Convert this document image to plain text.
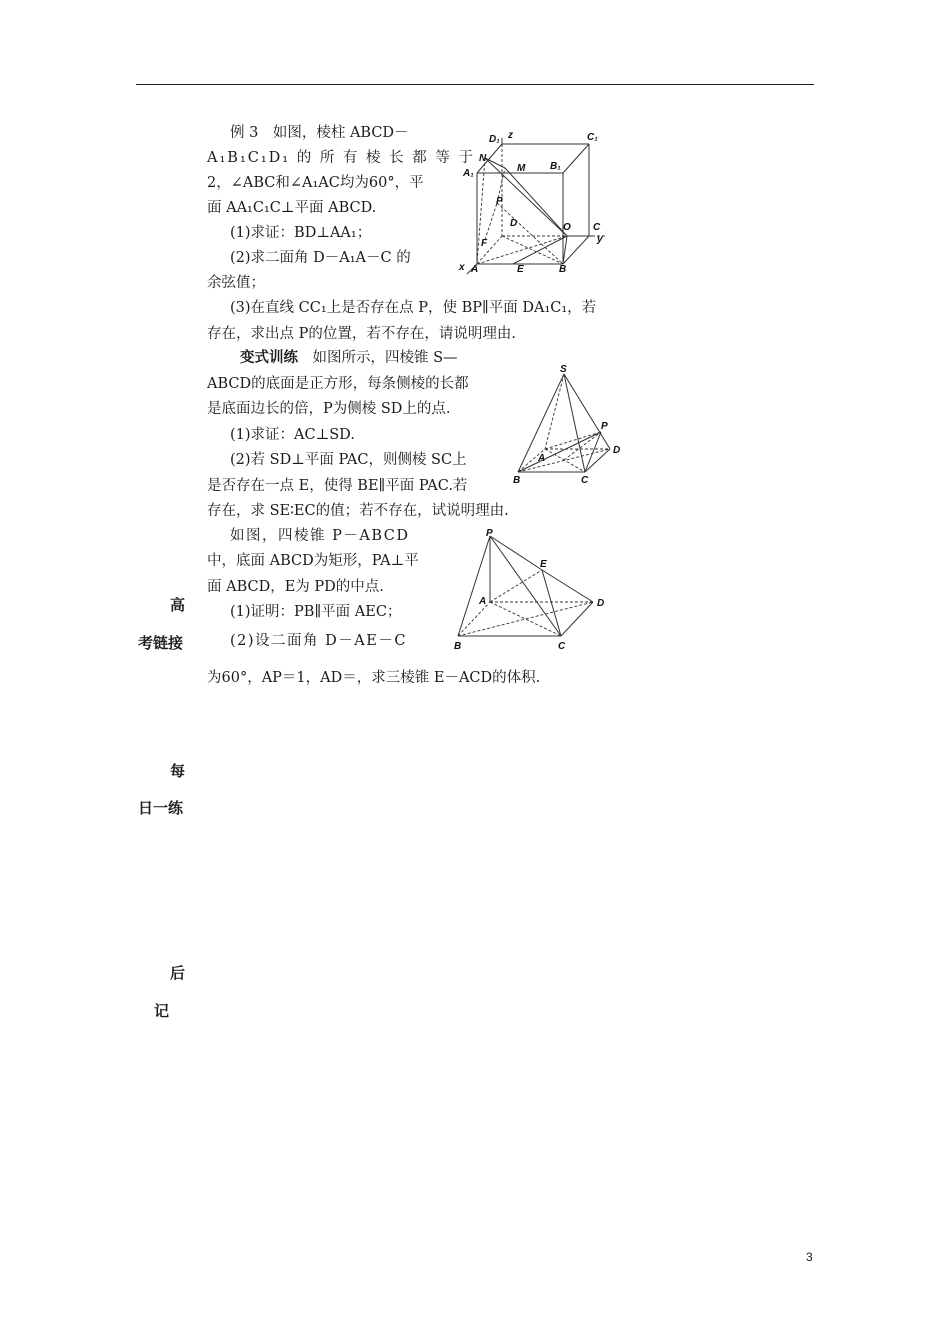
例 3　如图，棱柱 ABCD－
A₁B₁C₁D₁ 的 所 有 棱 长 都 等 于
2，∠ABC和∠A₁AC均为60°，平
面 AA₁C₁C⊥平面 ABCD.
(1)求证：BD⊥AA₁；
(2)求二面角 D－A₁A－C 的
余弦值；
(3)在直线 CC₁上是否存在点 P，使 BP∥平面 DA₁C₁，若
存在，求出点 P的位置，若不存在，请说明理由.
D₁ z	C₁
N
M B₁
A₁
P
D	O C
y
F
x A	E	B
变式训练　如图所示，四棱锥 S—
ABCD的底面是正方形，每条侧棱的长都
是底面边长的倍，P为侧棱 SD上的点.
(1)求证：AC⊥SD.
(2)若 SD⊥平面 PAC，则侧棱 SC上
是否存在一点 E，使得 BE∥平面 PAC.若
存在，求 SE∶EC的值；若不存在，试说明理由.
S
P
D
A
B	C
如图，四棱锥 P－ABCD
中，底面 ABCD为矩形，PA⊥平
面 ABCD，E为 PD的中点.
(1)证明：PB∥平面 AEC；
(2)设二面角 D－AE－C
为60°，AP＝1，AD＝，求三棱锥 E－ACD的体积.
P
E
A	D
B	C
高
考链接
每
日一练
后
记
3
